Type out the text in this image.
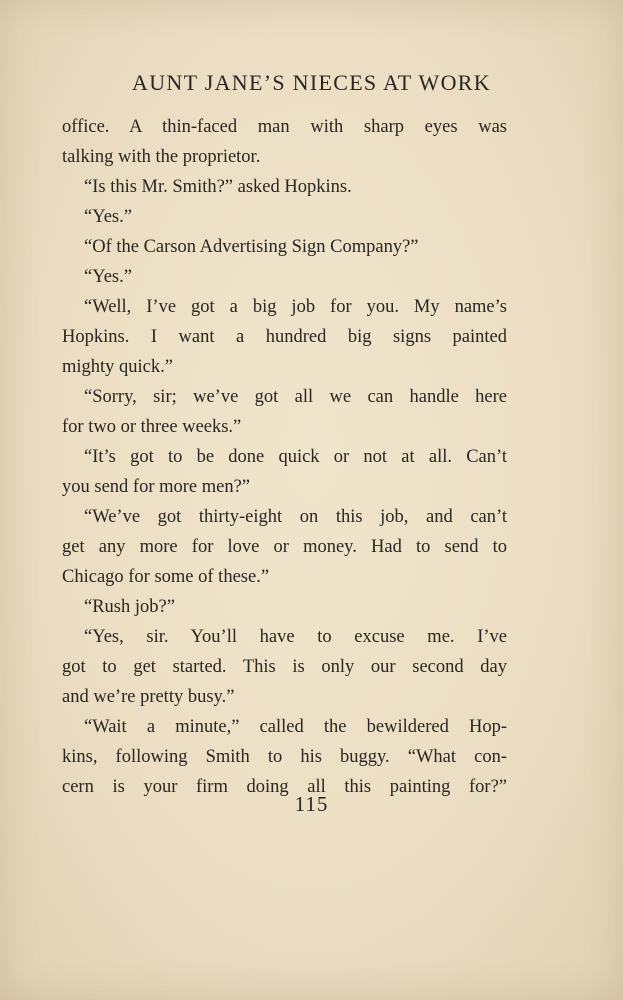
AUNT JANE’S NIECES AT WORK
office. A thin-faced man with sharp eyes was
talking with the proprietor.
“Is this Mr. Smith?” asked Hopkins.
“Yes.”
“Of the Carson Advertising Sign Company?”
“Yes.”
“Well, I’ve got a big job for you. My name’s
Hopkins. I want a hundred big signs painted
mighty quick.”
“Sorry, sir; we’ve got all we can handle here
for two or three weeks.”
“It’s got to be done quick or not at all. Can’t
you send for more men?”
“We’ve got thirty-eight on this job, and can’t
get any more for love or money. Had to send to
Chicago for some of these.”
“Rush job?”
“Yes, sir. You’ll have to excuse me. I’ve
got to get started. This is only our second day
and we’re pretty busy.”
“Wait a minute,” called the bewildered Hop-
kins, following Smith to his buggy. “What con-
cern is your firm doing all this painting for?”
115
